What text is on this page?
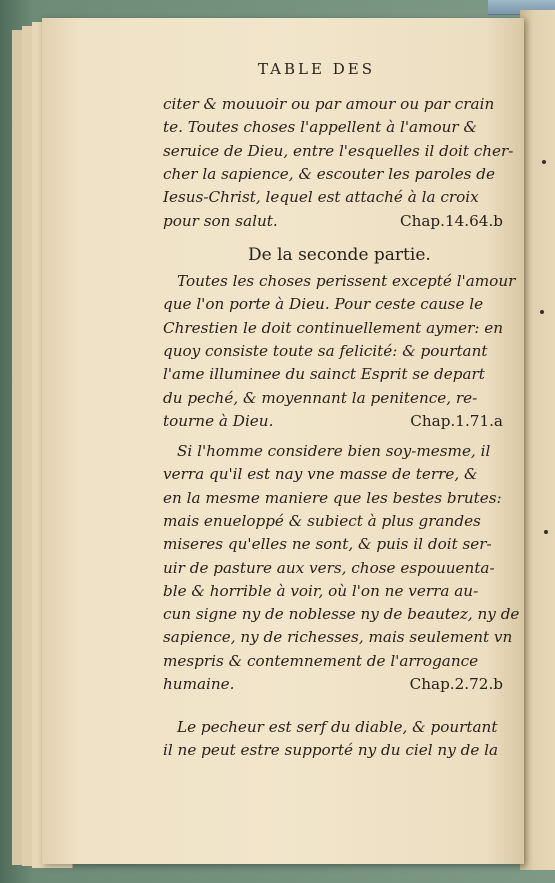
TABLE DES
citer & mouuoir ou par amour ou par crain
te. Toutes choses l'appellent à l'amour &
seruice de Dieu, entre l'esquelles il doit cher-
cher la sapience, & escouter les paroles de
Iesus-Christ, lequel est attaché à la croix
pour son salut.	Chap.14.64.b
De la seconde partie.
Toutes les choses perissent excepté l'amour
que l'on porte à Dieu. Pour ceste cause le
Chrestien le doit continuellement aymer: en
quoy consiste toute sa felicité: & pourtant
l'ame illuminee du sainct Esprit se depart
du peché, & moyennant la penitence, re-
tourne à Dieu.	Chap.1.71.a
Si l'homme considere bien soy-mesme, il
verra qu'il est nay vne masse de terre, &
en la mesme maniere que les bestes brutes:
mais enueloppé & subiect à plus grandes
miseres qu'elles ne sont, & puis il doit ser-
uir de pasture aux vers, chose espouuenta-
ble & horrible à voir, où l'on ne verra au-
cun signe ny de noblesse ny de beautez, ny de
sapience, ny de richesses, mais seulement vn
mespris & contemnement de l'arrogance
humaine.	Chap.2.72.b
Le pecheur est serf du diable, & pourtant
il ne peut estre supporté ny du ciel ny de la
